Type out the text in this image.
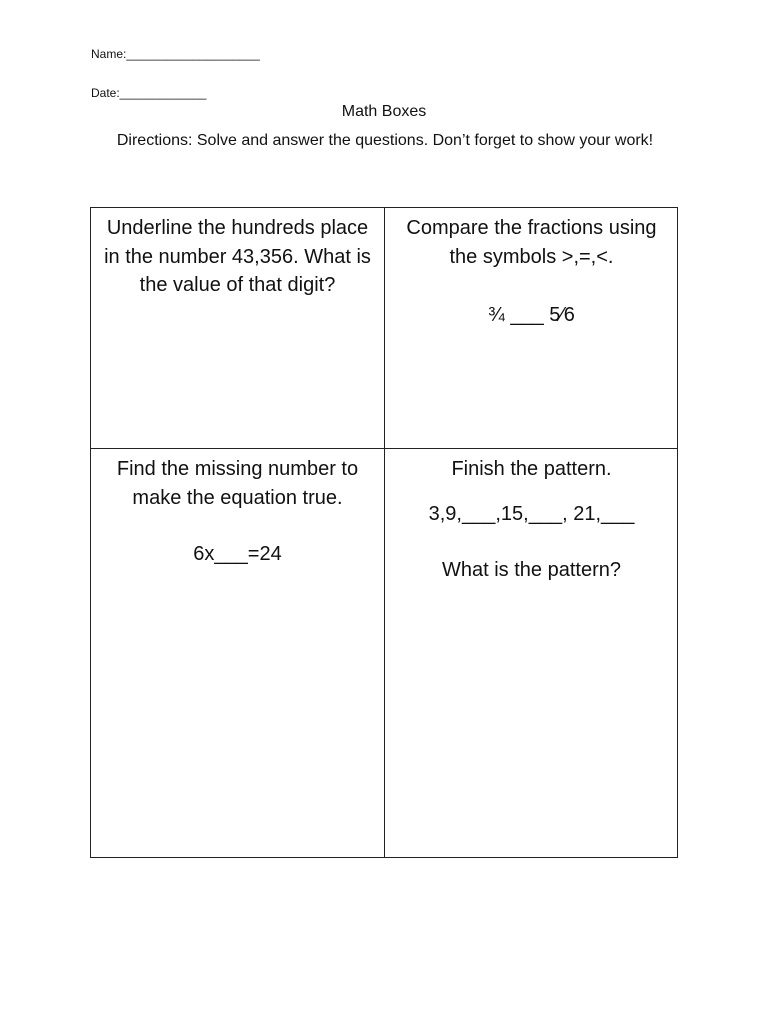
Name:____________________
Date:_____________
Math Boxes
Directions: Solve and answer the questions. Don’t forget to show your work!

Underline the hundreds place in the number 43,356. What is the value of that digit?

Compare the fractions using the symbols >,=,<.

¾ ___ 5⁄6

Find the missing number to make the equation true.

6x___=24

Finish the pattern.

3,9,___,15,___, 21,___

What is the pattern?
